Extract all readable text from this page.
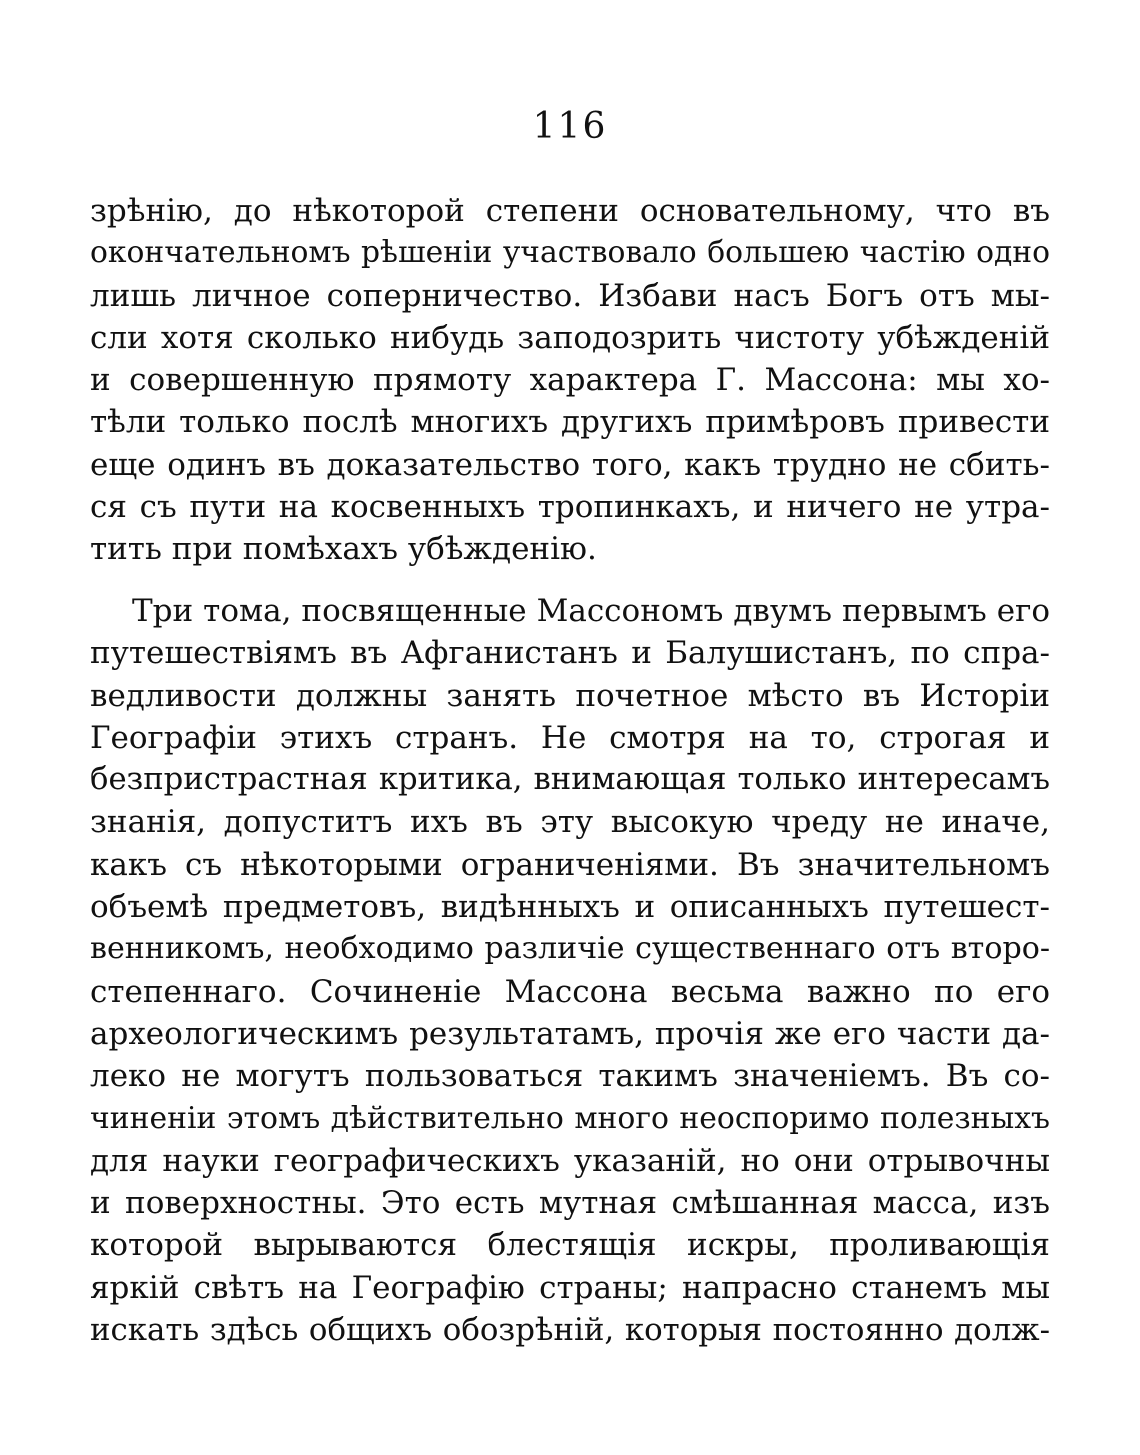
116
зрѣнію, до нѣкоторой степени основательному, что въ
окончательномъ рѣшеніи участвовало большею частію одно
лишь личное соперничество. Избави насъ Богъ отъ мы-
сли хотя сколько нибудь заподозрить чистоту убѣжденій
и совершенную прямоту характера Г. Массона: мы хо-
тѣли только послѣ многихъ другихъ примѣровъ привести
еще одинъ въ доказательство того, какъ трудно не сбить-
ся съ пути на косвенныхъ тропинкахъ, и ничего не утра-
тить при помѣхахъ убѣжденію.
Три тома, посвященные Массономъ двумъ первымъ его
путешествіямъ въ Афганистанъ и Балушистанъ, по спра-
ведливости должны занять почетное мѣсто въ Исторіи
Географіи этихъ странъ. Не смотря на то, строгая и
безпристрастная критика, внимающая только интересамъ
знанія, допуститъ ихъ въ эту высокую чреду не иначе,
какъ съ нѣкоторыми ограниченіями. Въ значительномъ
объемѣ предметовъ, видѣнныхъ и описанныхъ путешест-
венникомъ, необходимо различіе существеннаго отъ второ-
степеннаго. Сочиненіе Массона весьма важно по его
археологическимъ результатамъ, прочія же его части да-
леко не могутъ пользоваться такимъ значеніемъ. Въ со-
чиненіи этомъ дѣйствительно много неоспоримо полезныхъ
для науки географическихъ указаній, но они отрывочны
и поверхностны. Это есть мутная смѣшанная масса, изъ
которой вырываются блестящія искры, проливающія
яркій свѣтъ на Географію страны; напрасно станемъ мы
искать здѣсь общихъ обозрѣній, которыя постоянно долж-
